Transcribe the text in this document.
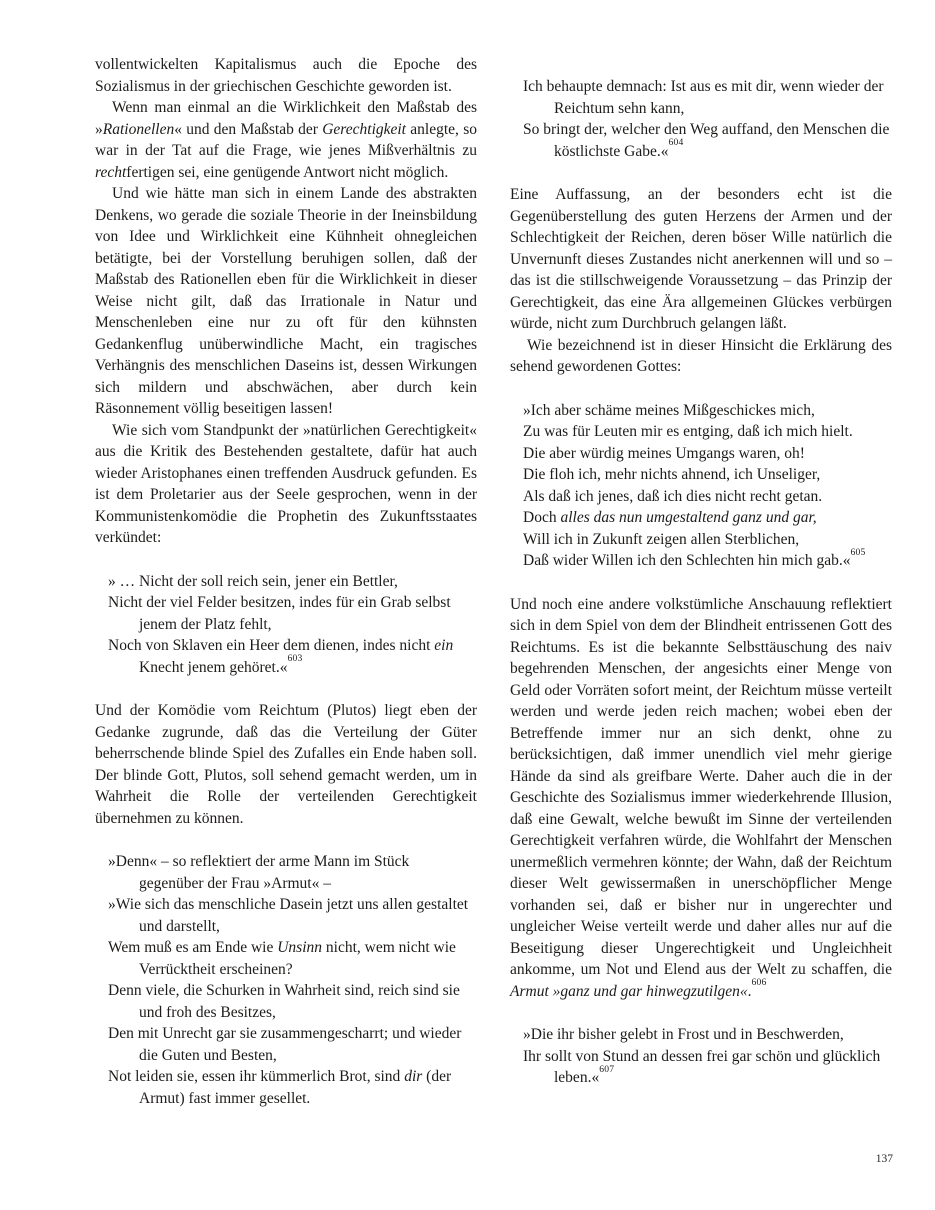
vollentwickelten Kapitalismus auch die Epoche des Sozialismus in der griechischen Geschichte geworden ist.

Wenn man einmal an die Wirklichkeit den Maßstab des »Rationellen« und den Maßstab der Gerechtigkeit anlegte, so war in der Tat auf die Frage, wie jenes Mißverhältnis zu rechtfertigen sei, eine genügende Antwort nicht möglich.

Und wie hätte man sich in einem Lande des abstrakten Denkens, wo gerade die soziale Theorie in der Ineinsbildung von Idee und Wirklichkeit eine Kühnheit ohnegleichen betätigte, bei der Vorstellung beruhigen sollen, daß der Maßstab des Rationellen eben für die Wirklichkeit in dieser Weise nicht gilt, daß das Irrationale in Natur und Menschenleben eine nur zu oft für den kühnsten Gedankenflug unüberwindliche Macht, ein tragisches Verhängnis des menschlichen Daseins ist, dessen Wirkungen sich mildern und abschwächen, aber durch kein Räsonnement völlig beseitigen lassen!

Wie sich vom Standpunkt der »natürlichen Gerechtigkeit« aus die Kritik des Bestehenden gestaltete, dafür hat auch wieder Aristophanes einen treffenden Ausdruck gefunden. Es ist dem Proletarier aus der Seele gesprochen, wenn in der Kommunistenkomödie die Prophetin des Zukunftsstaates verkündet:

» … Nicht der soll reich sein, jener ein Bettler,
Nicht der viel Felder besitzen, indes für ein Grab selbst jenem der Platz fehlt,
Noch von Sklaven ein Heer dem dienen, indes nicht ein Knecht jenem gehöret.«$^{603}$

Und der Komödie vom Reichtum (Plutos) liegt eben der Gedanke zugrunde, daß das die Verteilung der Güter beherrschende blinde Spiel des Zufalles ein Ende haben soll. Der blinde Gott, Plutos, soll sehend gemacht werden, um in Wahrheit die Rolle der verteilenden Gerechtigkeit übernehmen zu können.

»Denn« – so reflektiert der arme Mann im Stück gegenüber der Frau »Armut« –
»Wie sich das menschliche Dasein jetzt uns allen gestaltet und darstellt,
Wem muß es am Ende wie Unsinn nicht, wem nicht wie Verrücktheit erscheinen?
Denn viele, die Schurken in Wahrheit sind, reich sind sie und froh des Besitzes,
Den mit Unrecht gar sie zusammengescharrt; und wieder die Guten und Besten,
Not leiden sie, essen ihr kümmerlich Brot, sind dir (der Armut) fast immer gesellet.
Ich behaupte demnach: Ist aus es mit dir, wenn wieder der Reichtum sehn kann,
So bringt der, welcher den Weg auffand, den Menschen die köstlichste Gabe.«$^{604}$

Eine Auffassung, an der besonders echt ist die Gegenüberstellung des guten Herzens der Armen und der Schlechtigkeit der Reichen, deren böser Wille natürlich die Unvernunft dieses Zustandes nicht anerkennen will und so – das ist die stillschweigende Voraussetzung – das Prinzip der Gerechtigkeit, das eine Ära allgemeinen Glückes verbürgen würde, nicht zum Durchbruch gelangen läßt.

Wie bezeichnend ist in dieser Hinsicht die Erklärung des sehend gewordenen Gottes:

»Ich aber schäme meines Mißgeschickes mich,
Zu was für Leuten mir es entging, daß ich mich hielt.
Die aber würdig meines Umgangs waren, oh!
Die floh ich, mehr nichts ahnend, ich Unseliger,
Als daß ich jenes, daß ich dies nicht recht getan.
Doch alles das nun umgestaltend ganz und gar,
Will ich in Zukunft zeigen allen Sterblichen,
Daß wider Willen ich den Schlechten hin mich gab.«$^{605}$

Und noch eine andere volkstümliche Anschauung reflektiert sich in dem Spiel von dem der Blindheit entrissenen Gott des Reichtums. Es ist die bekannte Selbsttäuschung des naiv begehrenden Menschen, der angesichts einer Menge von Geld oder Vorräten sofort meint, der Reichtum müsse verteilt werden und werde jeden reich machen; wobei eben der Betreffende immer nur an sich denkt, ohne zu berücksichtigen, daß immer unendlich viel mehr gierige Hände da sind als greifbare Werte. Daher auch die in der Geschichte des Sozialismus immer wiederkehrende Illusion, daß eine Gewalt, welche bewußt im Sinne der verteilenden Gerechtigkeit verfahren würde, die Wohlfahrt der Menschen unermeßlich vermehren könnte; der Wahn, daß der Reichtum dieser Welt gewissermaßen in unerschöpflicher Menge vorhanden sei, daß er bisher nur in ungerechter und ungleicher Weise verteilt werde und daher alles nur auf die Beseitigung dieser Ungerechtigkeit und Ungleichheit ankomme, um Not und Elend aus der Welt zu schaffen, die Armut »ganz und gar hinwegzutilgen«.$^{606}$

»Die ihr bisher gelebt in Frost und in Beschwerden,
Ihr sollt von Stund an dessen frei gar schön und glücklich leben.«$^{607}$
137
